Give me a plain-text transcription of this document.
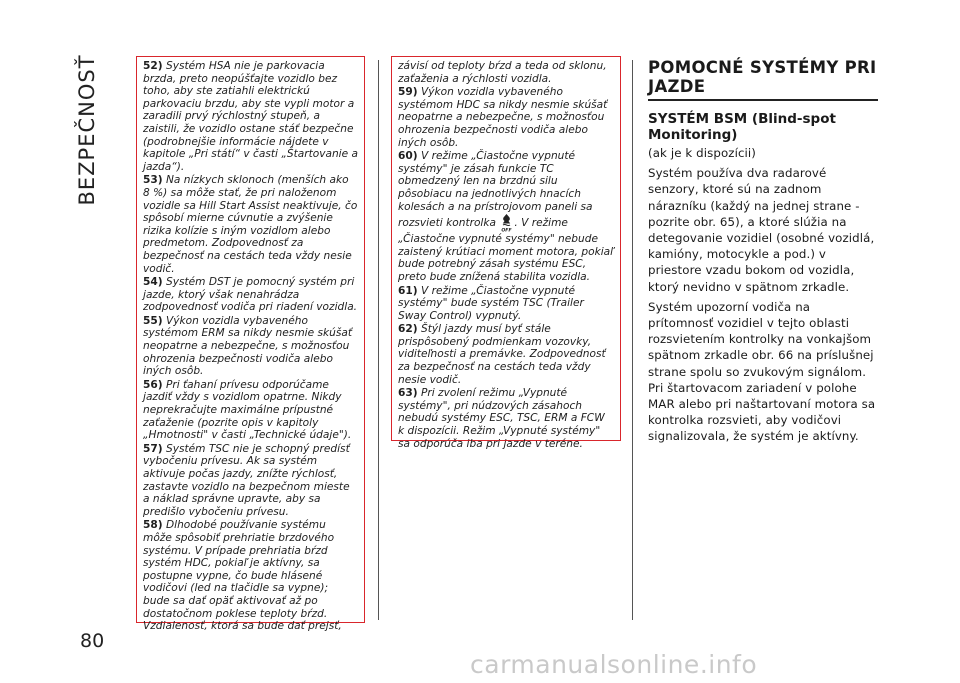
BEZPEČNOSŤ
80

52) Systém HSA nie je parkovacia brzda, preto neopúšťajte vozidlo bez toho, aby ste zatiahli elektrickú parkovaciu brzdu, aby ste vypli motor a zaradili prvý rýchlostný stupeň, a zaistili, že vozidlo ostane stáť bezpečne (podrobnejšie informácie nájdete v kapitole „Pri státí“ v časti „Štartovanie a jazda“).

53) Na nízkych sklonoch (menších ako 8 %) sa môže stať, že pri naloženom vozidle sa Hill Start Assist neaktivuje, čo spôsobí mierne cúvnutie a zvýšenie rizika kolízie s iným vozidlom alebo predmetom. Zodpovednosť za bezpečnosť na cestách teda vždy nesie vodič.

54) Systém DST je pomocný systém pri jazde, ktorý však nenahrádza zodpovednosť vodiča pri riadení vozidla.

55) Výkon vozidla vybaveného systémom ERM sa nikdy nesmie skúšať neopatrne a nebezpečne, s možnosťou ohrozenia bezpečnosti vodiča alebo iných osôb.

56) Pri ťahaní prívesu odporúčame jazdiť vždy s vozidlom opatrne. Nikdy neprekračujte maximálne prípustné zaťaženie (pozrite opis v kapitoly „Hmotnosti" v časti „Technické údaje").

57) Systém TSC nie je schopný predísť vybočeniu prívesu. Ak sa systém aktivuje počas jazdy, znížte rýchlosť, zastavte vozidlo na bezpečnom mieste a náklad správne upravte, aby sa predišlo vybočeniu prívesu.

58) Dlhodobé používanie systému môže spôsobiť prehriatie brzdového systému. V prípade prehriatia bŕzd systém HDC, pokiaľ je aktívny, sa postupne vypne, čo bude hlásené vodičovi (led na tlačidle sa vypne); bude sa dať opäť aktivovať až po dostatočnom poklese teploty bŕzd. Vzdialenosť, ktorá sa bude dať prejsť,

závisí od teploty bŕzd a teda od sklonu, zaťaženia a rýchlosti vozidla.

59) Výkon vozidla vybaveného systémom HDC sa nikdy nesmie skúšať neopatrne a nebezpečne, s možnosťou ohrozenia bezpečnosti vodiča alebo iných osôb.

60) V režime „Čiastočne vypnuté systémy" je zásah funkcie TC obmedzený len na brzdnú silu pôsobiacu na jednotlivých hnacích kolesách a na prístrojovom paneli sa rozsvieti kontrolka
OFF
. V režime „Čiastočne vypnuté systémy" nebude zaistený krútiaci moment motora, pokiaľ bude potrebný zásah systému ESC, preto bude znížená stabilita vozidla.

61) V režime „Čiastočne vypnuté systémy" bude systém TSC (Trailer Sway Control) vypnutý.

62) Štýl jazdy musí byť stále prispôsobený podmienkam vozovky, viditeľnosti a premávke. Zodpovednosť za bezpečnosť na cestách teda vždy nesie vodič.

63) Pri zvolení režimu „Vypnuté systémy", pri núdzových zásahoch nebudú systémy ESC, TSC, ERM a FCW k dispozícii. Režim „Vypnuté systémy" sa odporúča iba pri jazde v teréne.

POMOCNÉ SYSTÉMY PRI JAZDE
SYSTÉM BSM (Blind-spot Monitoring)

(ak je k dispozícii)

Systém používa dva radarové senzory, ktoré sú na zadnom nárazníku (každý na jednej strane - pozrite obr. 65), a ktoré slúžia na detegovanie vozidiel (osobné vozidlá, kamióny, motocykle a pod.) v priestore vzadu bokom od vozidla, ktorý nevidno v spätnom zrkadle.

Systém upozorní vodiča na prítomnosť vozidiel v tejto oblasti rozsvietením kontrolky na vonkajšom spätnom zrkadle obr. 66 na príslušnej strane spolu so zvukovým signálom. Pri štartovacom zariadení v polohe MAR alebo pri naštartovaní motora sa kontrolka rozsvieti, aby vodičovi signalizovala, že systém je aktívny.

carmanualsonline.info
